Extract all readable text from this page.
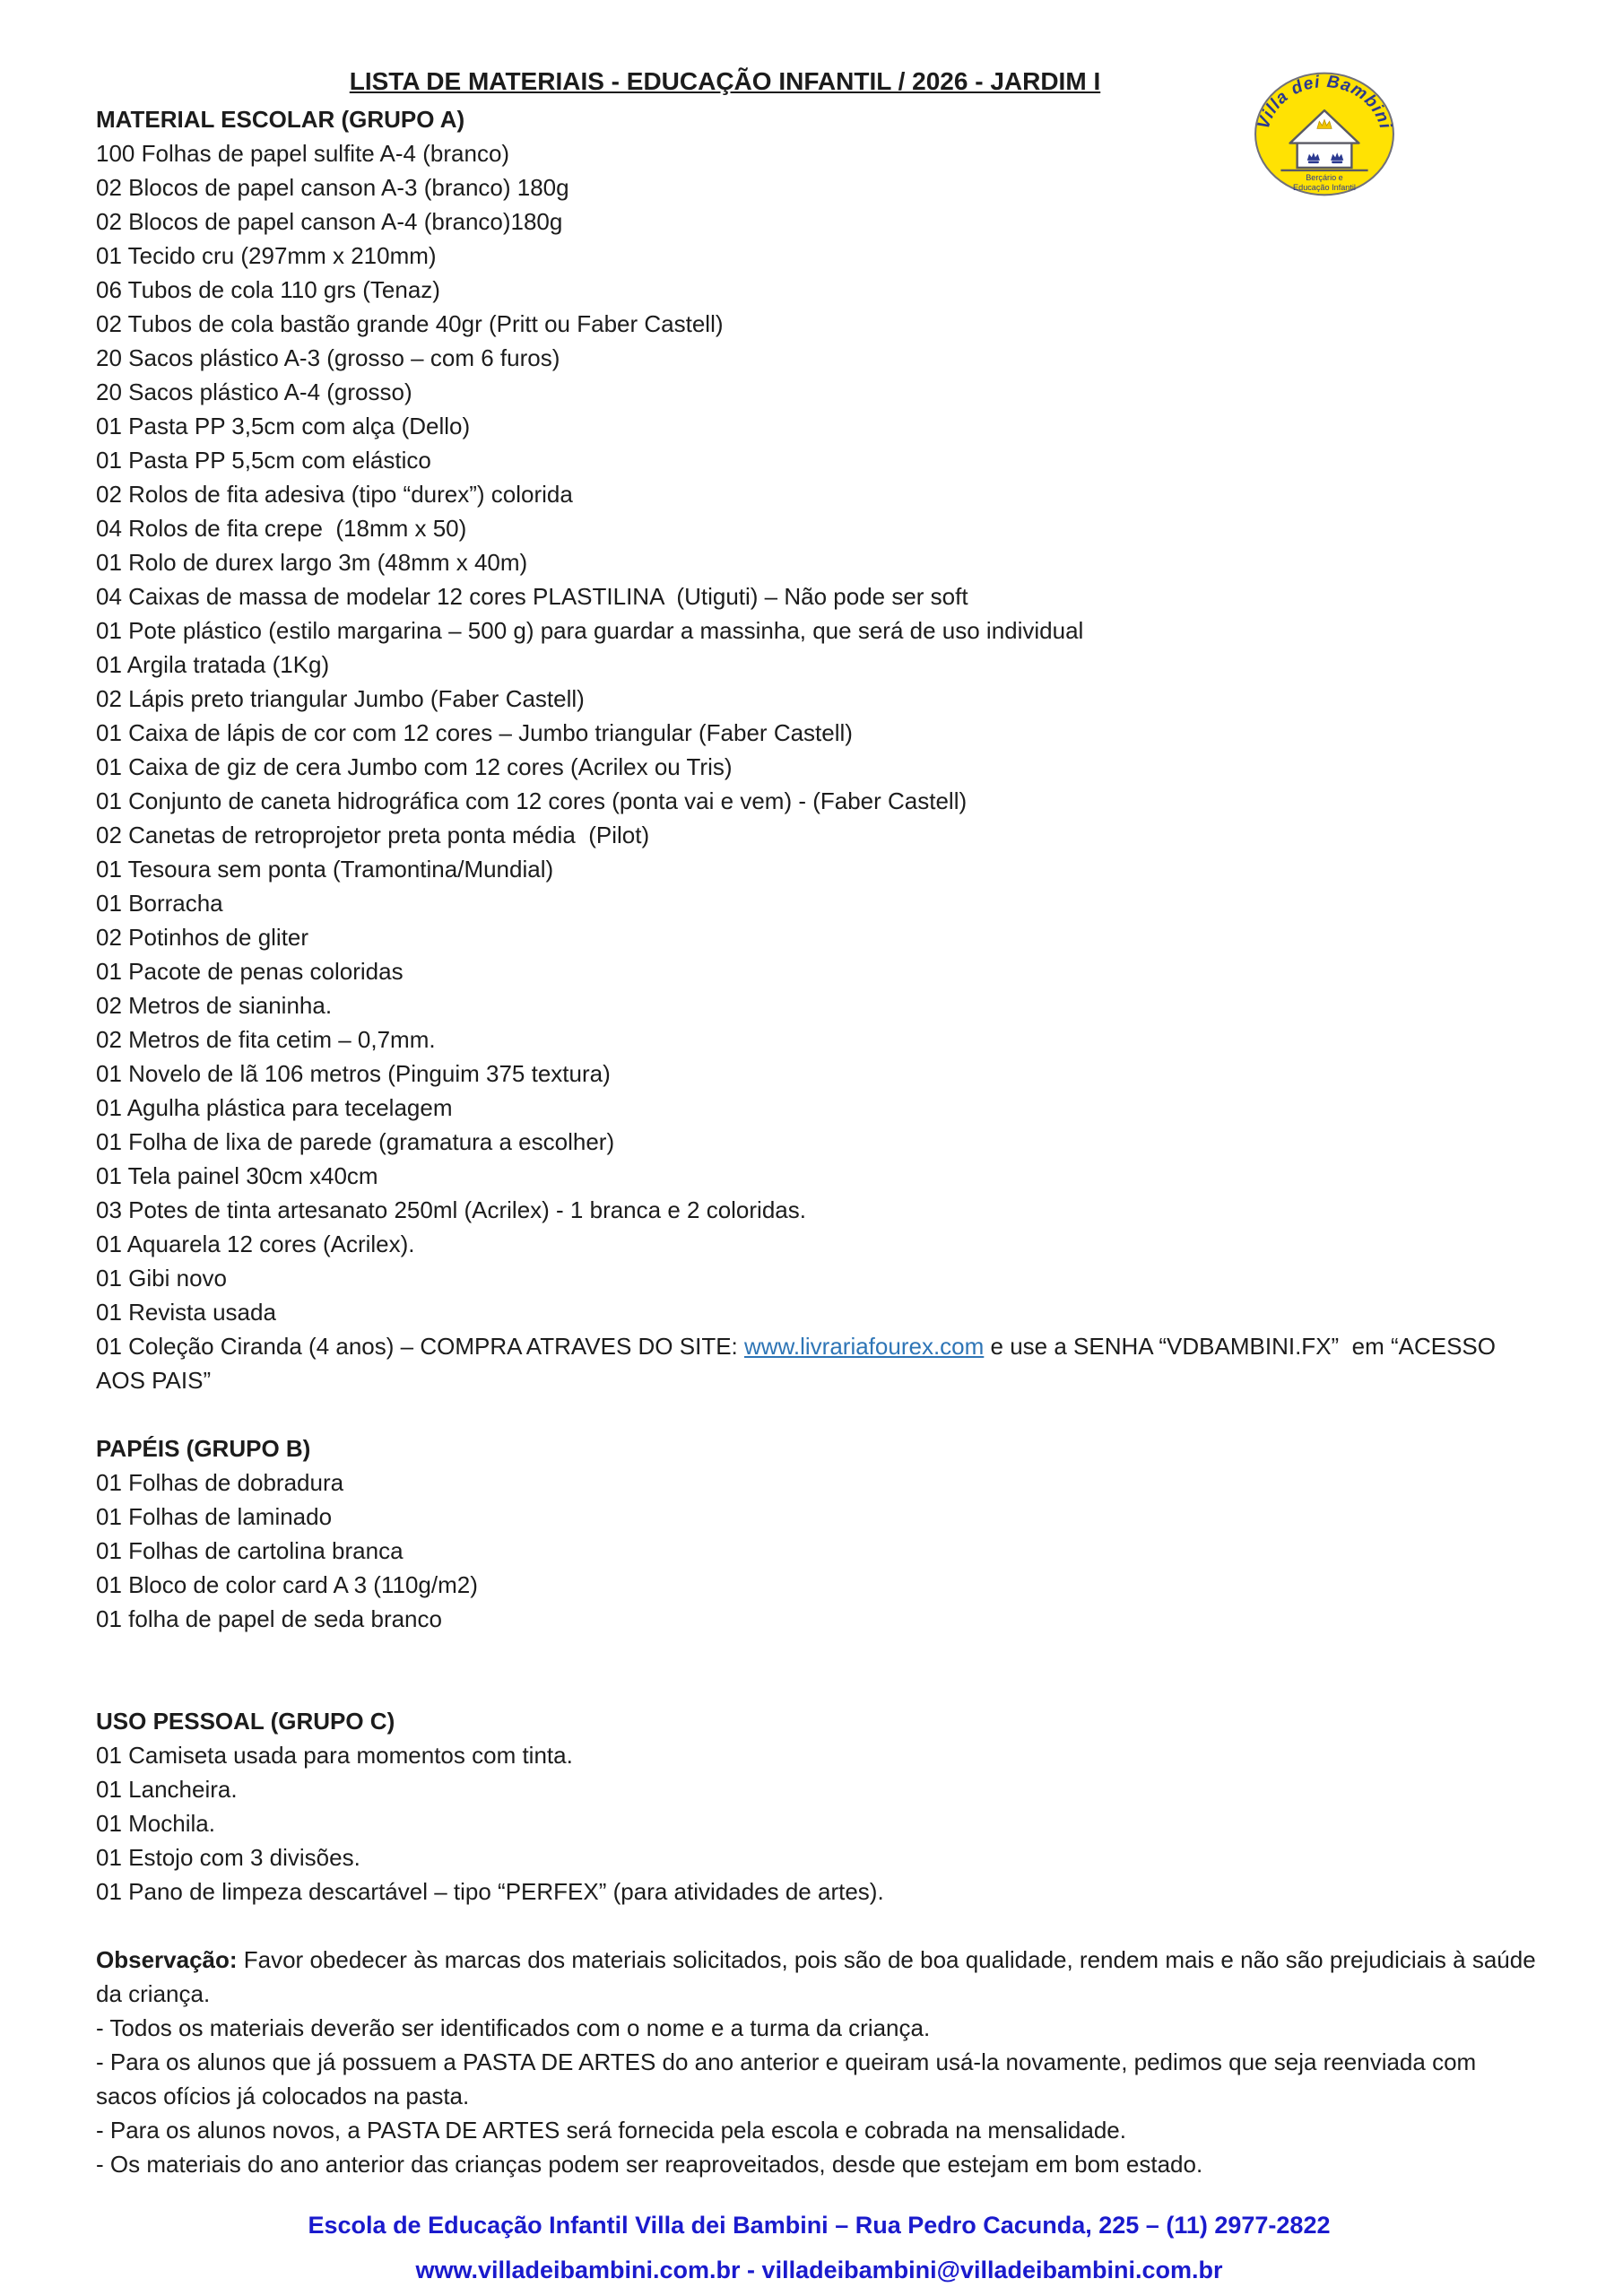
LISTA DE MATERIAIS - EDUCAÇÃO INFANTIL / 2026 - JARDIM I
Villa dei Bambini
Berçário e
Educação Infantil
MATERIAL ESCOLAR (GRUPO A)
100 Folhas de papel sulfite A-4 (branco)
02 Blocos de papel canson A-3 (branco) 180g
02 Blocos de papel canson A-4 (branco)180g
01 Tecido cru (297mm x 210mm)
06 Tubos de cola 110 grs (Tenaz)
02 Tubos de cola bastão grande 40gr (Pritt ou Faber Castell)
20 Sacos plástico A-3 (grosso – com 6 furos)
20 Sacos plástico A-4 (grosso)
01 Pasta PP 3,5cm com alça (Dello)
01 Pasta PP 5,5cm com elástico
02 Rolos de fita adesiva (tipo “durex”) colorida
04 Rolos de fita crepe  (18mm x 50)
01 Rolo de durex largo 3m (48mm x 40m)
04 Caixas de massa de modelar 12 cores PLASTILINA  (Utiguti) – Não pode ser soft
01 Pote plástico (estilo margarina – 500 g) para guardar a massinha, que será de uso individual
01 Argila tratada (1Kg)
02 Lápis preto triangular Jumbo (Faber Castell)
01 Caixa de lápis de cor com 12 cores – Jumbo triangular (Faber Castell)
01 Caixa de giz de cera Jumbo com 12 cores (Acrilex ou Tris)
01 Conjunto de caneta hidrográfica com 12 cores (ponta vai e vem) - (Faber Castell)
02 Canetas de retroprojetor preta ponta média  (Pilot)
01 Tesoura sem ponta (Tramontina/Mundial)
01 Borracha
02 Potinhos de gliter
01 Pacote de penas coloridas
02 Metros de sianinha.
02 Metros de fita cetim – 0,7mm.
01 Novelo de lã 106 metros (Pinguim 375 textura)
01 Agulha plástica para tecelagem
01 Folha de lixa de parede (gramatura a escolher)
01 Tela painel 30cm x40cm
03 Potes de tinta artesanato 250ml (Acrilex) - 1 branca e 2 coloridas.
01 Aquarela 12 cores (Acrilex).
01 Gibi novo
01 Revista usada
01 Coleção Ciranda (4 anos) – COMPRA ATRAVES DO SITE: www.livrariafourex.com e use a SENHA “VDBAMBINI.FX”  em “ACESSO AOS PAIS”
PAPÉIS (GRUPO B)
01 Folhas de dobradura
01 Folhas de laminado
01 Folhas de cartolina branca
01 Bloco de color card A 3 (110g/m2)
01 folha de papel de seda branco
USO PESSOAL (GRUPO C)
01 Camiseta usada para momentos com tinta.
01 Lancheira.
01 Mochila.
01 Estojo com 3 divisões.
01 Pano de limpeza descartável – tipo “PERFEX” (para atividades de artes).

Observação: Favor obedecer às marcas dos materiais solicitados, pois são de boa qualidade, rendem mais e não são prejudiciais à saúde da criança.

- Todos os materiais deverão ser identificados com o nome e a turma da criança.

- Para os alunos que já possuem a PASTA DE ARTES do ano anterior e queiram usá-la novamente, pedimos que seja reenviada com sacos ofícios já colocados na pasta.

- Para os alunos novos, a PASTA DE ARTES será fornecida pela escola e cobrada na mensalidade.

- Os materiais do ano anterior das crianças podem ser reaproveitados, desde que estejam em bom estado.

Escola de Educação Infantil Villa dei Bambini – Rua Pedro Cacunda, 225 – (11) 2977-2822
www.villadeibambini.com.br - villadeibambini@villadeibambini.com.br
